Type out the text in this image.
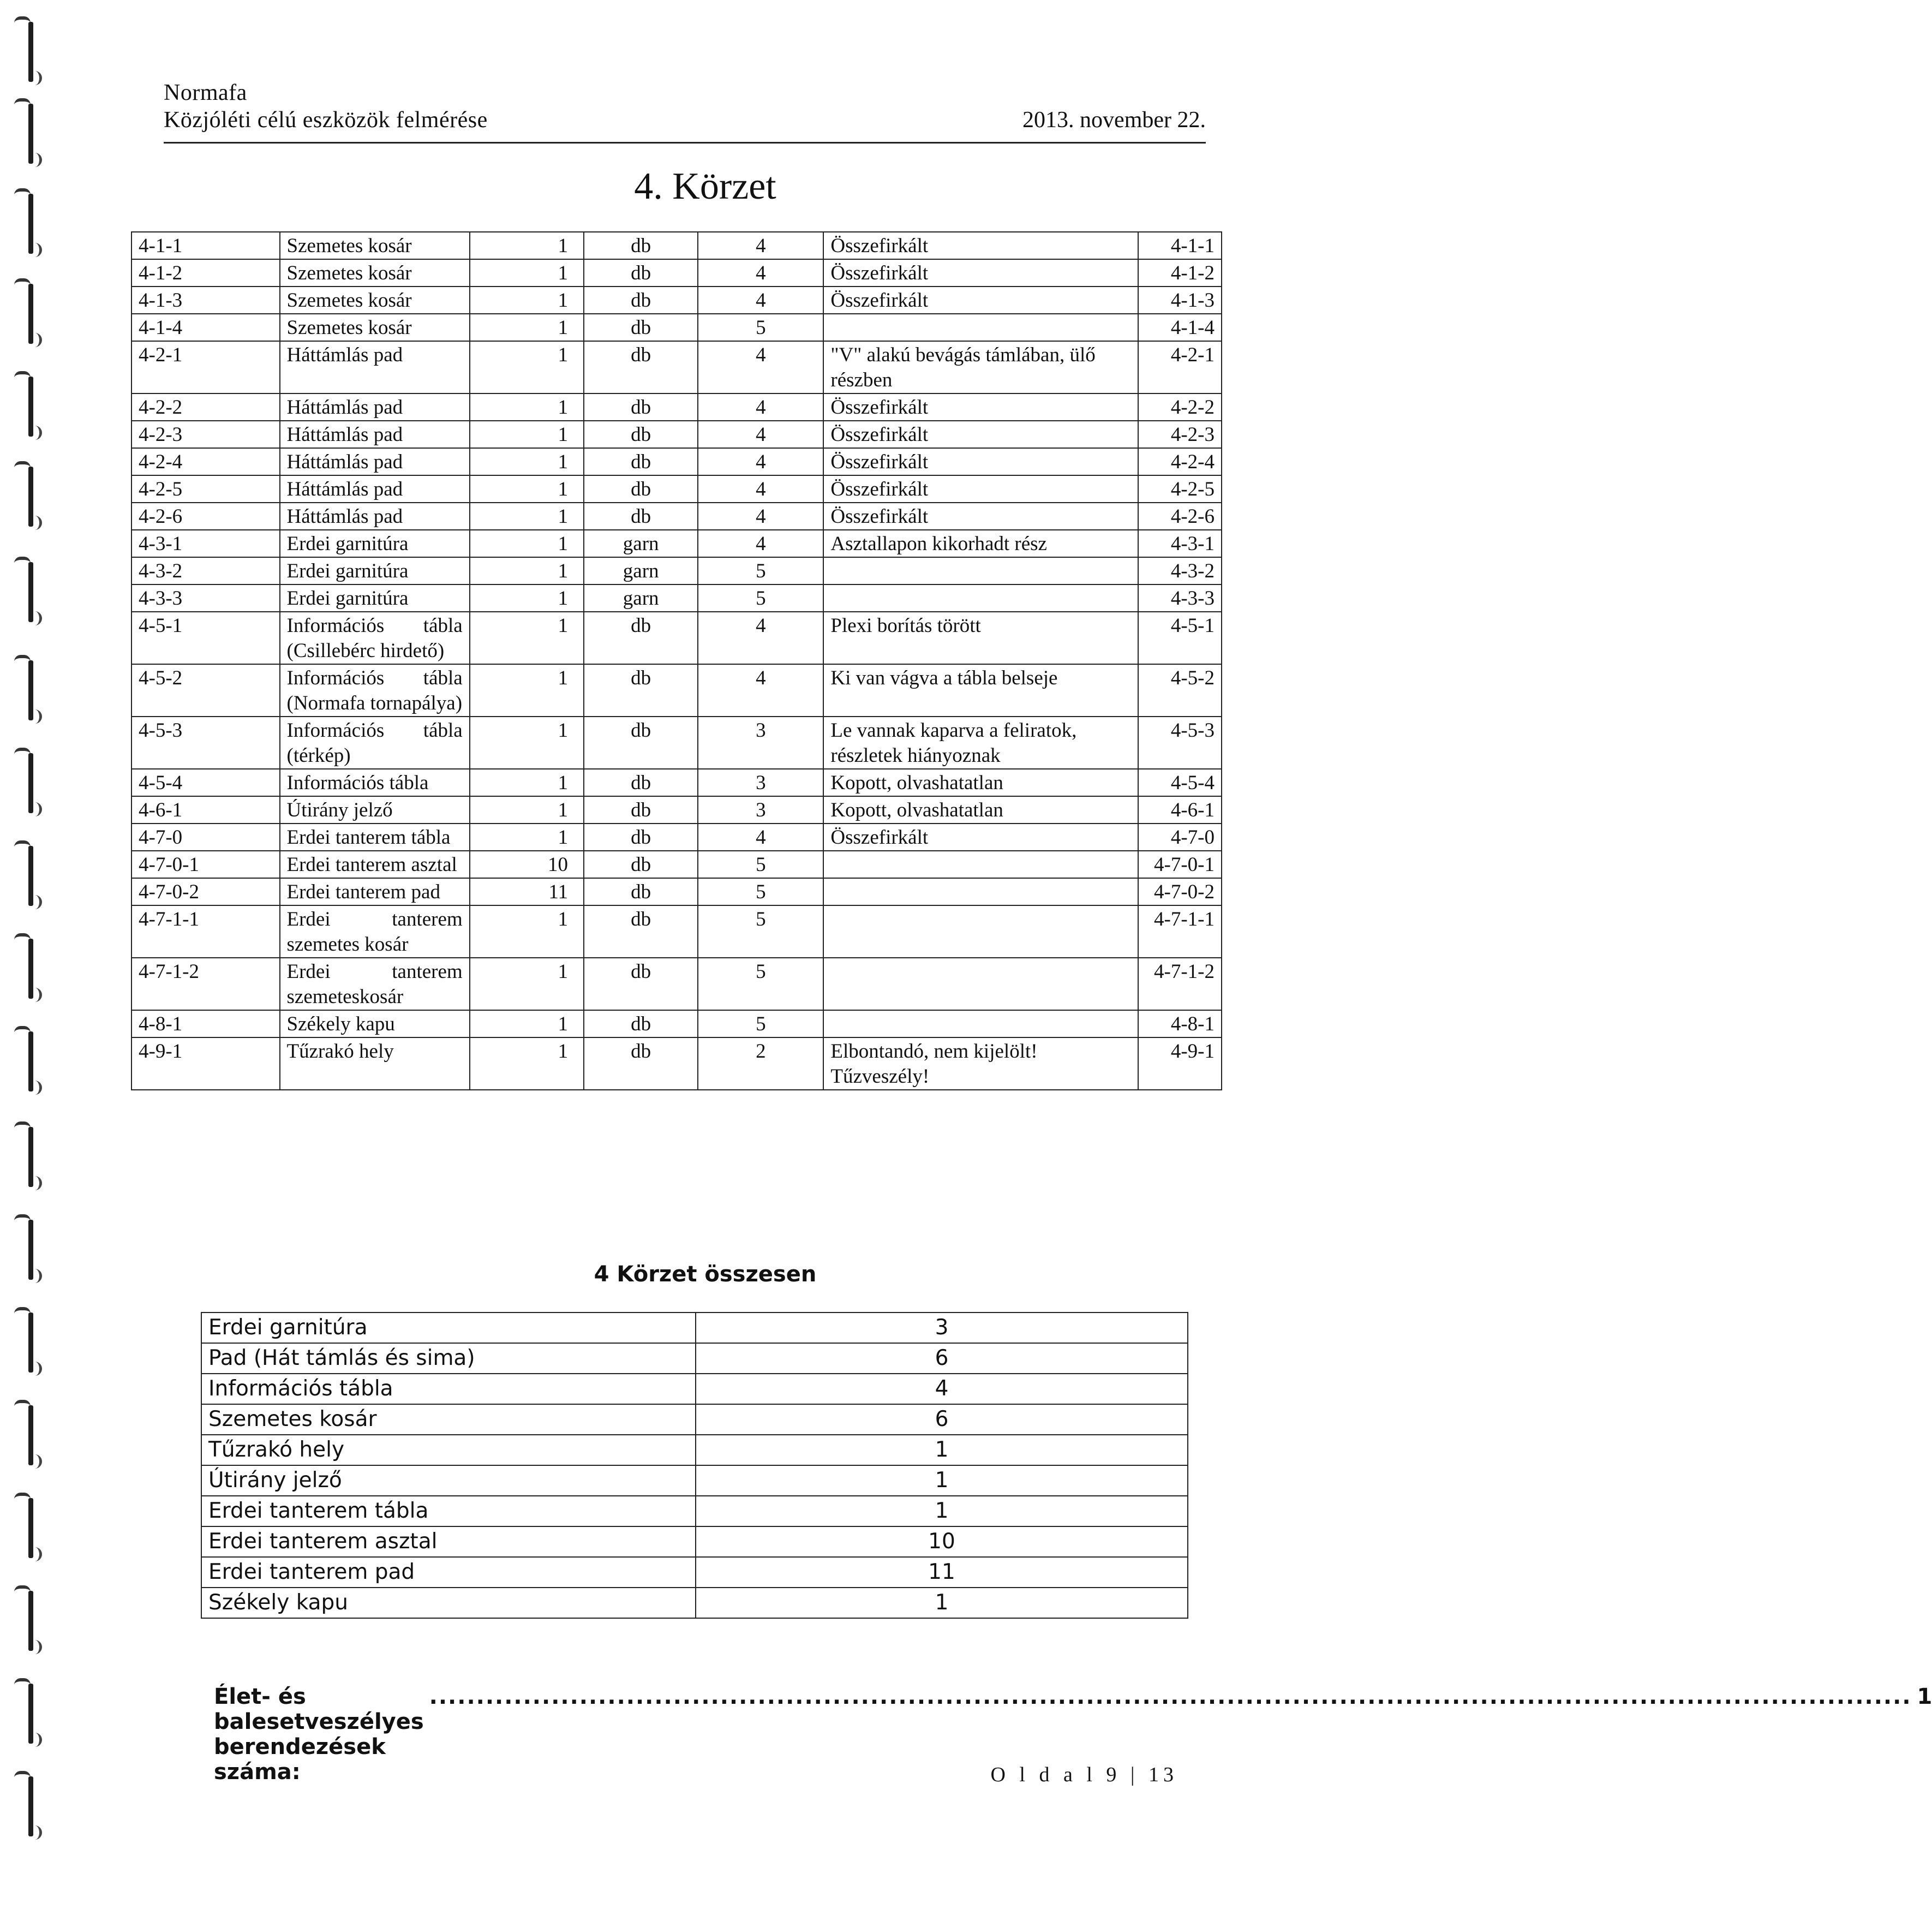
Normafa
Közjóléti célú eszközök felmérése	2013. november 22.
4. Körzet
4-1-1	Szemetes kosár	1	db	4	Összefirkált	4-1-1
4-1-2	Szemetes kosár	1	db	4	Összefirkált	4-1-2
4-1-3	Szemetes kosár	1	db	4	Összefirkált	4-1-3
4-1-4	Szemetes kosár	1	db	5		4-1-4
4-2-1	Háttámlás pad	1	db	4	"V" alakú bevágás támlában, ülő részben	4-2-1
4-2-2	Háttámlás pad	1	db	4	Összefirkált	4-2-2
4-2-3	Háttámlás pad	1	db	4	Összefirkált	4-2-3
4-2-4	Háttámlás pad	1	db	4	Összefirkált	4-2-4
4-2-5	Háttámlás pad	1	db	4	Összefirkált	4-2-5
4-2-6	Háttámlás pad	1	db	4	Összefirkált	4-2-6
4-3-1	Erdei garnitúra	1	garn	4	Asztallapon kikorhadt rész	4-3-1
4-3-2	Erdei garnitúra	1	garn	5		4-3-2
4-3-3	Erdei garnitúra	1	garn	5		4-3-3
4-5-1	Információs tábla (Csillebérc hirdető)	1	db	4	Plexi borítás törött	4-5-1
4-5-2	Információs tábla (Normafa tornapálya)	1	db	4	Ki van vágva a tábla belseje	4-5-2
4-5-3	Információs tábla (térkép)	1	db	3	Le vannak kaparva a feliratok, részletek hiányoznak	4-5-3
4-5-4	Információs tábla	1	db	3	Kopott, olvashatatlan	4-5-4
4-6-1	Útirány jelző	1	db	3	Kopott, olvashatatlan	4-6-1
4-7-0	Erdei tanterem tábla	1	db	4	Összefirkált	4-7-0
4-7-0-1	Erdei tanterem asztal	10	db	5		4-7-0-1
4-7-0-2	Erdei tanterem pad	11	db	5		4-7-0-2
4-7-1-1	Erdei tanterem szemetes kosár	1	db	5		4-7-1-1
4-7-1-2	Erdei tanterem szemeteskosár	1	db	5		4-7-1-2
4-8-1	Székely kapu	1	db	5		4-8-1
4-9-1	Tűzrakó hely	1	db	2	Elbontandó, nem kijelölt! Tűzveszély!	4-9-1
4 Körzet összesen
Erdei garnitúra	3
Pad (Hát támlás és sima)	6
Információs tábla	4
Szemetes kosár	6
Tűzrakó hely	1
Útirány jelző	1
Erdei tanterem tábla	1
Erdei tanterem asztal	10
Erdei tanterem pad	11
Székely kapu	1
Élet- és balesetveszélyes berendezések száma:
.............................................................................................................................................................. 1
O l d a l 9 | 13
